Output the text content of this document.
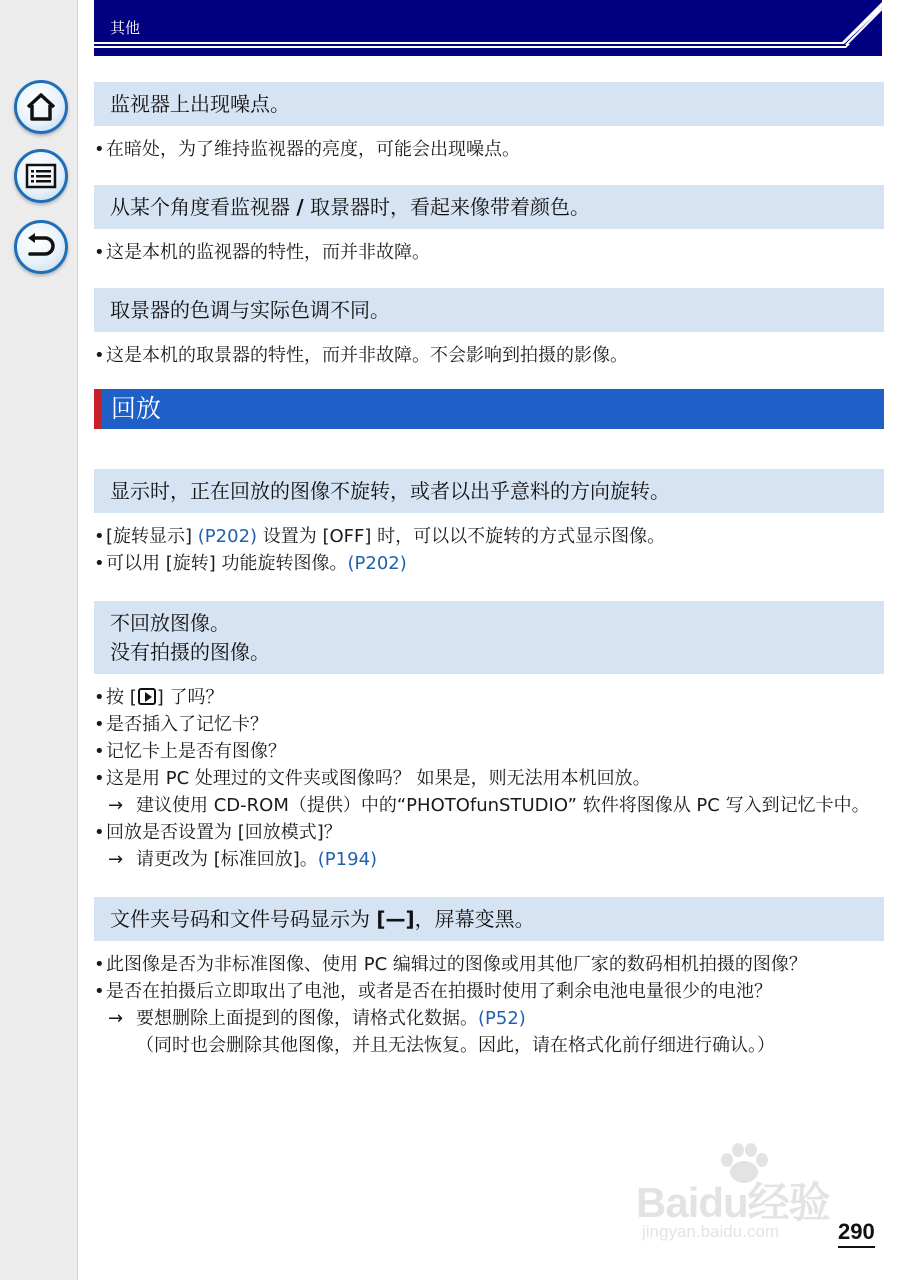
其他
监视器上出现噪点。
• 在暗处，为了维持监视器的亮度，可能会出现噪点。
从某个角度看监视器 / 取景器时，看起来像带着颜色。
• 这是本机的监视器的特性，而并非故障。
取景器的色调与实际色调不同。
• 这是本机的取景器的特性，而并非故障。不会影响到拍摄的影像。
回放
显示时，正在回放的图像不旋转，或者以出乎意料的方向旋转。
• [旋转显示] (P202) 设置为 [OFF] 时，可以以不旋转的方式显示图像。
• 可以用 [旋转] 功能旋转图像。(P202)
不回放图像。
没有拍摄的图像。
• 按 [ ] 了吗？
• 是否插入了记忆卡？
• 记忆卡上是否有图像？
• 这是用 PC 处理过的文件夹或图像吗？ 如果是，则无法用本机回放。
→ 建议使用 CD-ROM（提供）中的“PHOTOfunSTUDIO” 软件将图像从 PC 写入到记忆卡中。
• 回放是否设置为 [回放模式]？
→ 请更改为 [标准回放]。(P194)
文件夹号码和文件号码显示为 [—]，屏幕变黑。
• 此图像是否为非标准图像、使用 PC 编辑过的图像或用其他厂家的数码相机拍摄的图像？
• 是否在拍摄后立即取出了电池，或者是否在拍摄时使用了剩余电池电量很少的电池？
→ 要想删除上面提到的图像，请格式化数据。(P52)
（同时也会删除其他图像，并且无法恢复。因此，请在格式化前仔细进行确认。）
Baidu经验
jingyan.baidu.com	290
